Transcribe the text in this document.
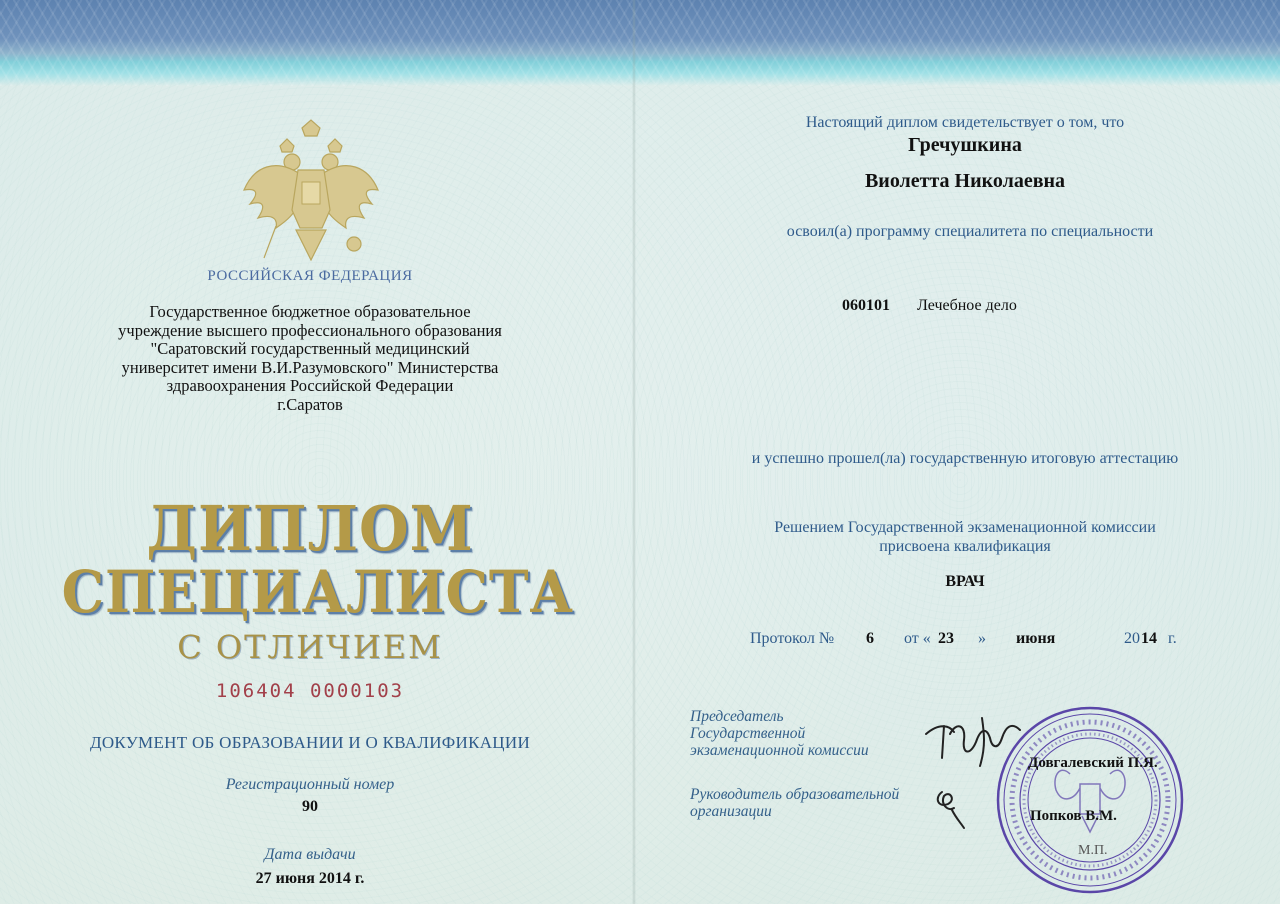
РОССИЙСКАЯ ФЕДЕРАЦИЯ
Государственное бюджетное образовательное
учреждение высшего профессионального образования
"Саратовский государственный медицинский
университет имени В.И.Разумовского" Министерства
здравоохранения Российской Федерации
г.Саратов
ДИПЛОМ
СПЕЦИАЛИСТА
С ОТЛИЧИЕМ
106404 0000103
ДОКУМЕНТ ОБ ОБРАЗОВАНИИ И О КВАЛИФИКАЦИИ
Регистрационный номер
90
Дата выдачи
27 июня 2014 г.
Настоящий диплом свидетельствует о том, что
Гречушкина
Виолетта Николаевна
освоил(а) программу специалитета по специальности
060101 Лечебное дело
и успешно прошел(ла) государственную итоговую аттестацию
Решением Государственной экзаменационной комиссии
присвоена квалификация
ВРАЧ
Протокол № 6 от « 23 » июня	20 14 г.
Председатель
Государственной
экзаменационной комиссии
Руководитель образовательной
организации
Довгалевский П.Я.
Попков В.М.
М.П.
